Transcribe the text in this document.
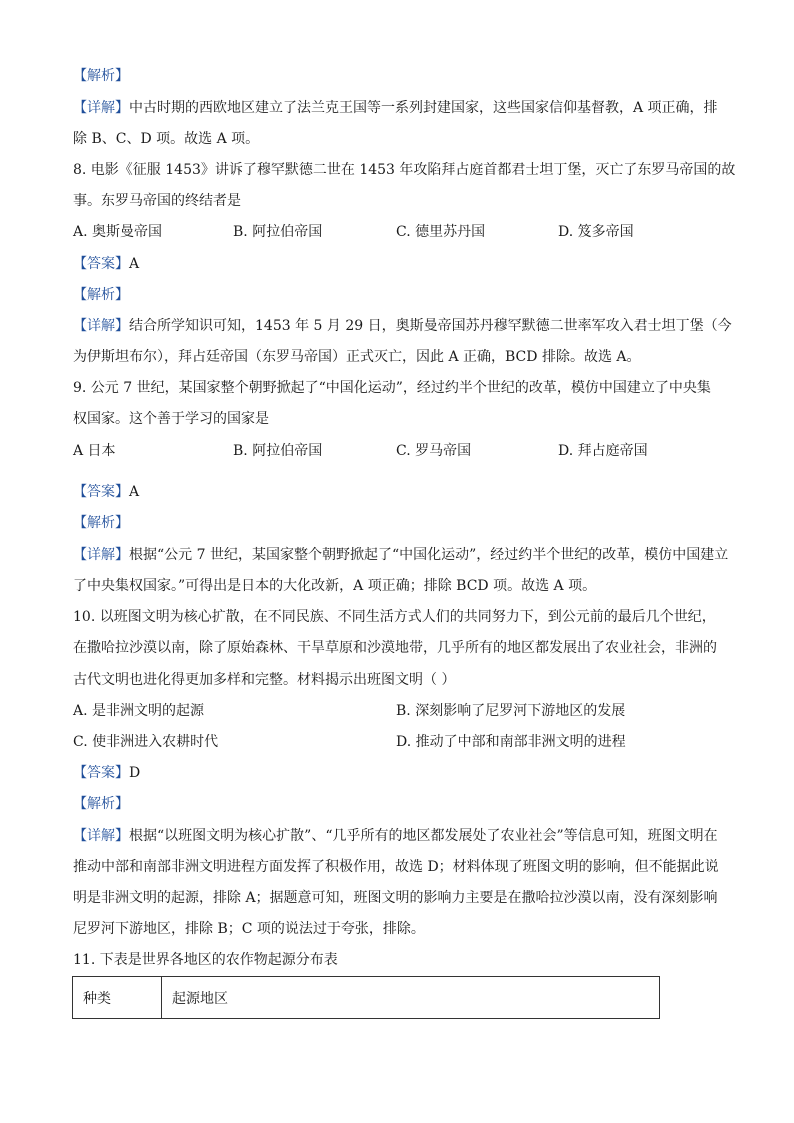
【解析】
【详解】中古时期的西欧地区建立了法兰克王国等一系列封建国家，这些国家信仰基督教，A 项正确，排
除 B、C、D 项。故选 A 项。
8. 电影《征服 1453》讲诉了穆罕默德二世在 1453 年攻陷拜占庭首都君士坦丁堡，灭亡了东罗马帝国的故
事。东罗马帝国的终结者是
A. 奥斯曼帝国	B. 阿拉伯帝国	C. 德里苏丹国	D. 笈多帝国
【答案】A
【解析】
【详解】结合所学知识可知，1453 年 5 月 29 日，奥斯曼帝国苏丹穆罕默德二世率军攻入君士坦丁堡（今
为伊斯坦布尔），拜占廷帝国（东罗马帝国）正式灭亡，因此 A 正确，BCD 排除。故选 A。
9. 公元 7 世纪，某国家整个朝野掀起了“中国化运动”，经过约半个世纪的改革，模仿中国建立了中央集
权国家。这个善于学习的国家是
A 日本	B. 阿拉伯帝国	C. 罗马帝国	D. 拜占庭帝国
【答案】A
【解析】
【详解】根据“公元 7 世纪，某国家整个朝野掀起了“中国化运动”，经过约半个世纪的改革，模仿中国建立
了中央集权国家。”可得出是日本的大化改新，A 项正确；排除 BCD 项。故选 A 项。
10. 以班图文明为核心扩散，在不同民族、不同生活方式人们的共同努力下，到公元前的最后几个世纪，
在撒哈拉沙漠以南，除了原始森林、干旱草原和沙漠地带，几乎所有的地区都发展出了农业社会，非洲的
古代文明也进化得更加多样和完整。材料揭示出班图文明（ ）
A. 是非洲文明的起源	B. 深刻影响了尼罗河下游地区的发展
C. 使非洲进入农耕时代	D. 推动了中部和南部非洲文明的进程
【答案】D
【解析】
【详解】根据“以班图文明为核心扩散”、“几乎所有的地区都发展处了农业社会”等信息可知，班图文明在
推动中部和南部非洲文明进程方面发挥了积极作用，故选 D；材料体现了班图文明的影响，但不能据此说
明是非洲文明的起源，排除 A；据题意可知，班图文明的影响力主要是在撒哈拉沙漠以南，没有深刻影响
尼罗河下游地区，排除 B；C 项的说法过于夸张，排除。
11. 下表是世界各地区的农作物起源分布表
种类	起源地区
